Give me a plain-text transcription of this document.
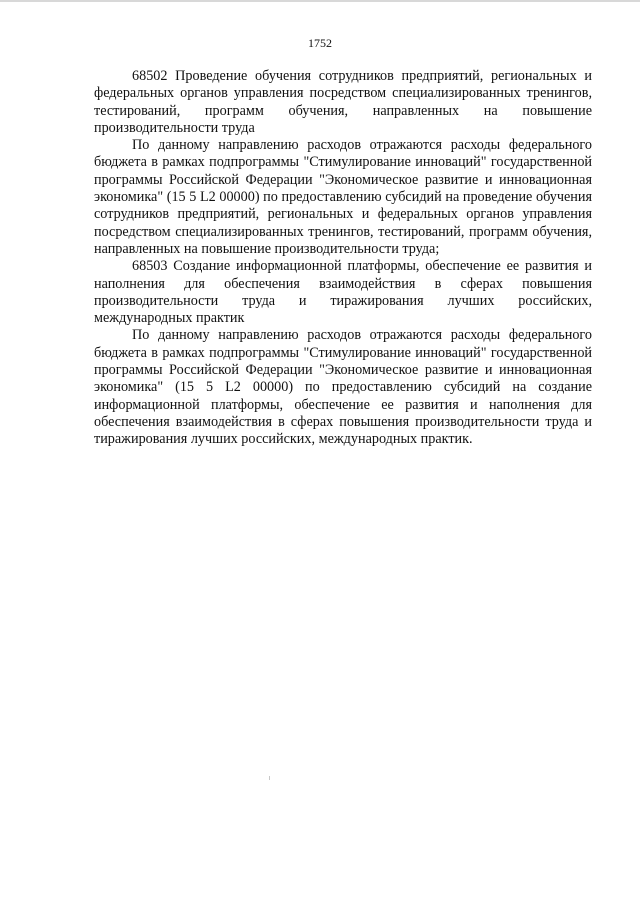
1752

68502 Проведение обучения сотрудников предприятий, региональных и федеральных органов управления посредством специализированных тренингов, тестирований, программ обучения, направленных на повышение производительности труда

По данному направлению расходов отражаются расходы федерального бюджета в рамках подпрограммы "Стимулирование инноваций" государственной программы Российской Федерации "Экономическое развитие и инновационная экономика" (15 5 L2 00000) по предоставлению субсидий на проведение обучения сотрудников предприятий, региональных и федеральных органов управления посредством специализированных тренингов, тестирований, программ обучения, направленных на повышение производительности труда;

68503 Создание информационной платформы, обеспечение ее развития и наполнения для обеспечения взаимодействия в сферах повышения производительности труда и тиражирования лучших российских, международных практик

По данному направлению расходов отражаются расходы федерального бюджета в рамках подпрограммы "Стимулирование инноваций" государственной программы Российской Федерации "Экономическое развитие и инновационная экономика" (15 5 L2 00000) по предоставлению субсидий на создание информационной платформы, обеспечение ее развития и наполнения для обеспечения взаимодействия в сферах повышения производительности труда и тиражирования лучших российских, международных практик.
